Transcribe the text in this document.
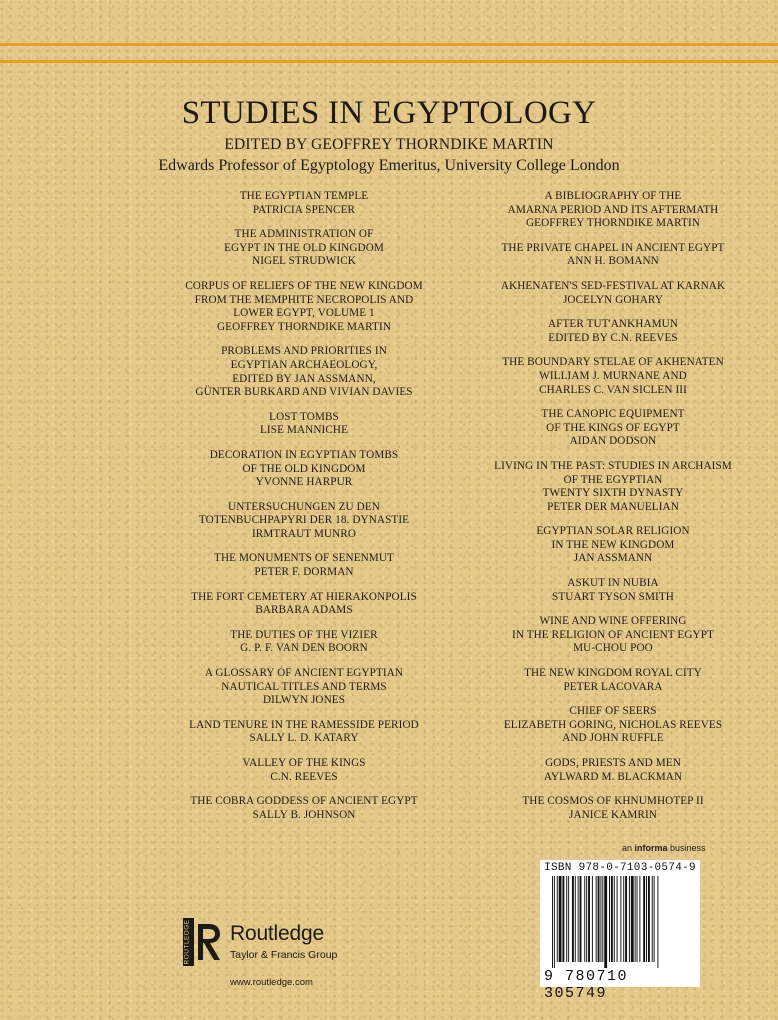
STUDIES IN EGYPTOLOGY
EDITED BY GEOFFREY THORNDIKE MARTIN
Edwards Professor of Egyptology Emeritus, University College London
THE EGYPTIAN TEMPLE
PATRICIA SPENCER
THE ADMINISTRATION OF
EGYPT IN THE OLD KINGDOM
NIGEL STRUDWICK
CORPUS OF RELIEFS OF THE NEW KINGDOM
FROM THE MEMPHITE NECROPOLIS AND
LOWER EGYPT, VOLUME 1
GEOFFREY THORNDIKE MARTIN
PROBLEMS AND PRIORITIES IN
EGYPTIAN ARCHAEOLOGY,
EDITED BY JAN ASSMANN,
GÜNTER BURKARD AND VIVIAN DAVIES
LOST TOMBS
LISE MANNICHE
DECORATION IN EGYPTIAN TOMBS
OF THE OLD KINGDOM
YVONNE HARPUR
UNTERSUCHUNGEN ZU DEN
TOTENBUCHPAPYRI DER 18. DYNASTIE
IRMTRAUT MUNRO
THE MONUMENTS OF SENENMUT
PETER F. DORMAN
THE FORT CEMETERY AT HIERAKONPOLIS
BARBARA ADAMS
THE DUTIES OF THE VIZIER
G. P. F. VAN DEN BOORN
A GLOSSARY OF ANCIENT EGYPTIAN
NAUTICAL TITLES AND TERMS
DILWYN JONES
LAND TENURE IN THE RAMESSIDE PERIOD
SALLY L. D. KATARY
VALLEY OF THE KINGS
C.N. REEVES
THE COBRA GODDESS OF ANCIENT EGYPT
SALLY B. JOHNSON
A BIBLIOGRAPHY OF THE
AMARNA PERIOD AND ITS AFTERMATH
GEOFFREY THORNDIKE MARTIN
THE PRIVATE CHAPEL IN ANCIENT EGYPT
ANN H. BOMANN
AKHENATEN'S SED-FESTIVAL AT KARNAK
JOCELYN GOHARY
AFTER TUT'ANKHAMUN
EDITED BY C.N. REEVES
THE BOUNDARY STELAE OF AKHENATEN
WILLIAM J. MURNANE AND
CHARLES C. VAN SICLEN III
THE CANOPIC EQUIPMENT
OF THE KINGS OF EGYPT
AIDAN DODSON
LIVING IN THE PAST: STUDIES IN ARCHAISM
OF THE EGYPTIAN
TWENTY SIXTH DYNASTY
PETER DER MANUELIAN
EGYPTIAN SOLAR RELIGION
IN THE NEW KINGDOM
JAN ASSMANN
ASKUT IN NUBIA
STUART TYSON SMITH
WINE AND WINE OFFERING
IN THE RELIGION OF ANCIENT EGYPT
MU-CHOU POO
THE NEW KINGDOM ROYAL CITY
PETER LACOVARA
CHIEF OF SEERS
ELIZABETH GORING, NICHOLAS REEVES
AND JOHN RUFFLE
GODS, PRIESTS AND MEN
AYLWARD M. BLACKMAN
THE COSMOS OF KHNUMHOTEP II
JANICE KAMRIN
an informa business
ISBN 978-0-7103-0574-9
9 780710 305749
ROUTLEDGE Routledge
Taylor & Francis Group
www.routledge.com
